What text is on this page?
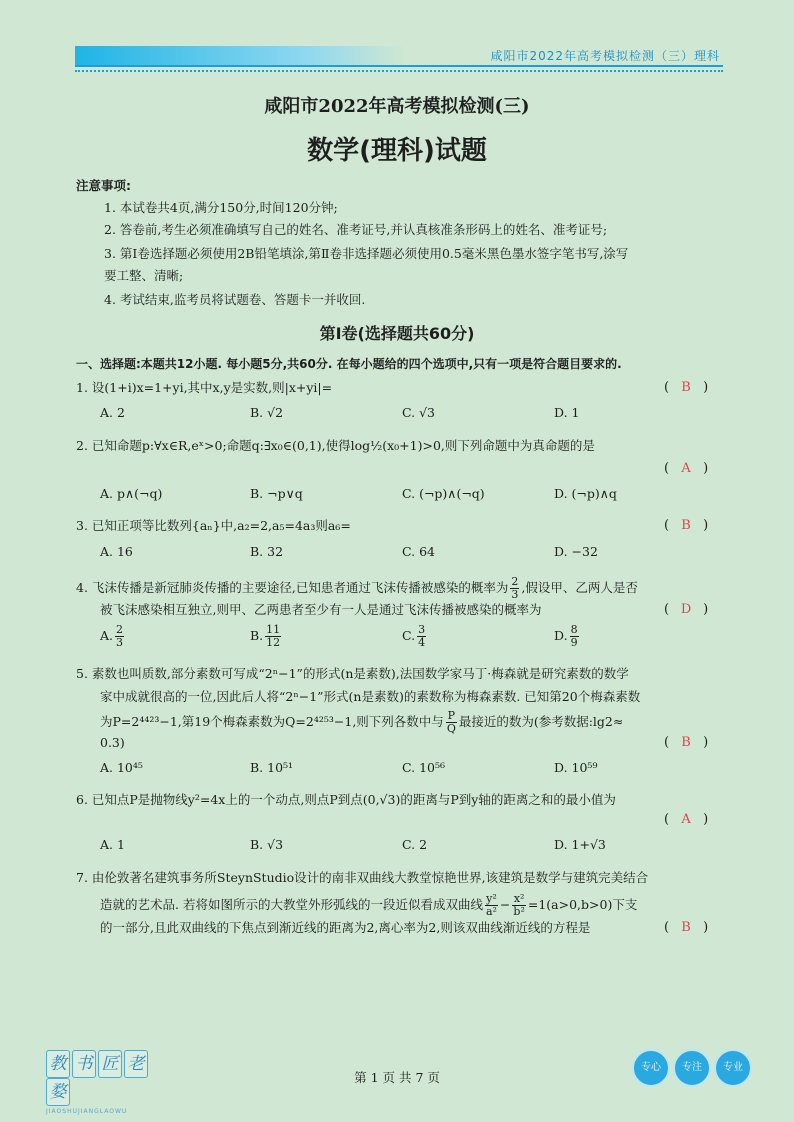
咸阳市2022年高考模拟检测（三）理科
咸阳市2022年高考模拟检测(三)
数学(理科)试题
注意事项:
1. 本试卷共4页,满分150分,时间120分钟;
2. 答卷前,考生必须准确填写自己的姓名、准考证号,并认真核准条形码上的姓名、准考证号;
3. 第Ⅰ卷选择题必须使用2B铅笔填涂,第Ⅱ卷非选择题必须使用0.5毫米黑色墨水签字笔书写,涂写
要工整、清晰;
4. 考试结束,监考员将试题卷、答题卡一并收回.
第Ⅰ卷(选择题共60分)
一、选择题:本题共12小题. 每小题5分,共60分. 在每小题给的四个选项中,只有一项是符合题目要求的.
1. 设(1+i)x=1+yi,其中x,y是实数,则|x+yi|=	( B )
A. 2	B. √2	C. √3	D. 1
2. 已知命题p:∀x∈R,eˣ>0;命题q:∃x₀∈(0,1),使得log½(x₀+1)>0,则下列命题中为真命题的是
( A )
A. p∧(¬q)	B. ¬p∨q	C. (¬p)∧(¬q)	D. (¬p)∧q
3. 已知正项等比数列{aₙ}中,a₂=2,a₅=4a₃则a₆=	( B )
A. 16	B. 32	C. 64	D. −32
4. 飞沫传播是新冠肺炎传播的主要途径,已知患者通过飞沫传播被感染的概率为 $\frac{2}{3}$ ,假设甲、乙两人是否
被飞沫感染相互独立,则甲、乙两患者至少有一人是通过飞沫传播被感染的概率为	( D )
A. $\frac{2}{3}$	B. $\frac{11}{12}$	C. $\frac{3}{4}$	D. $\frac{8}{9}$
5. 素数也叫质数,部分素数可写成“2ⁿ−1”的形式(n是素数),法国数学家马丁·梅森就是研究素数的数学
家中成就很高的一位,因此后人将“2ⁿ−1”形式(n是素数)的素数称为梅森素数. 已知第20个梅森素数
为P=2⁴⁴²³−1,第19个梅森素数为Q=2⁴²⁵³−1,则下列各数中与 $\frac{P}{Q}$ 最接近的数为(参考数据:lg2≈
0.3)	( B )
A. 10⁴⁵	B. 10⁵¹	C. 10⁵⁶	D. 10⁵⁹
6. 已知点P是抛物线y²=4x上的一个动点,则点P到点(0,√3)的距离与P到y轴的距离之和的最小值为
( A )
A. 1	B. √3	C. 2	D. 1+√3
7. 由伦敦著名建筑事务所SteynStudio设计的南非双曲线大教堂惊艳世界,该建筑是数学与建筑完美结合
造就的艺术品. 若将如图所示的大教堂外形弧线的一段近似看成双曲线 $\frac{\text{y²}}{\text{a²}} - \frac{\text{x²}}{\text{b²}} =1(a>0,b>0)$下支
的一部分,且此双曲线的下焦点到渐近线的距离为2,离心率为2,则该双曲线渐近线的方程是	( B )
教 书 匠 老婺
JIAOSHUJIANGLAOWU
第 1 页 共 7 页
专心 专注 专业
